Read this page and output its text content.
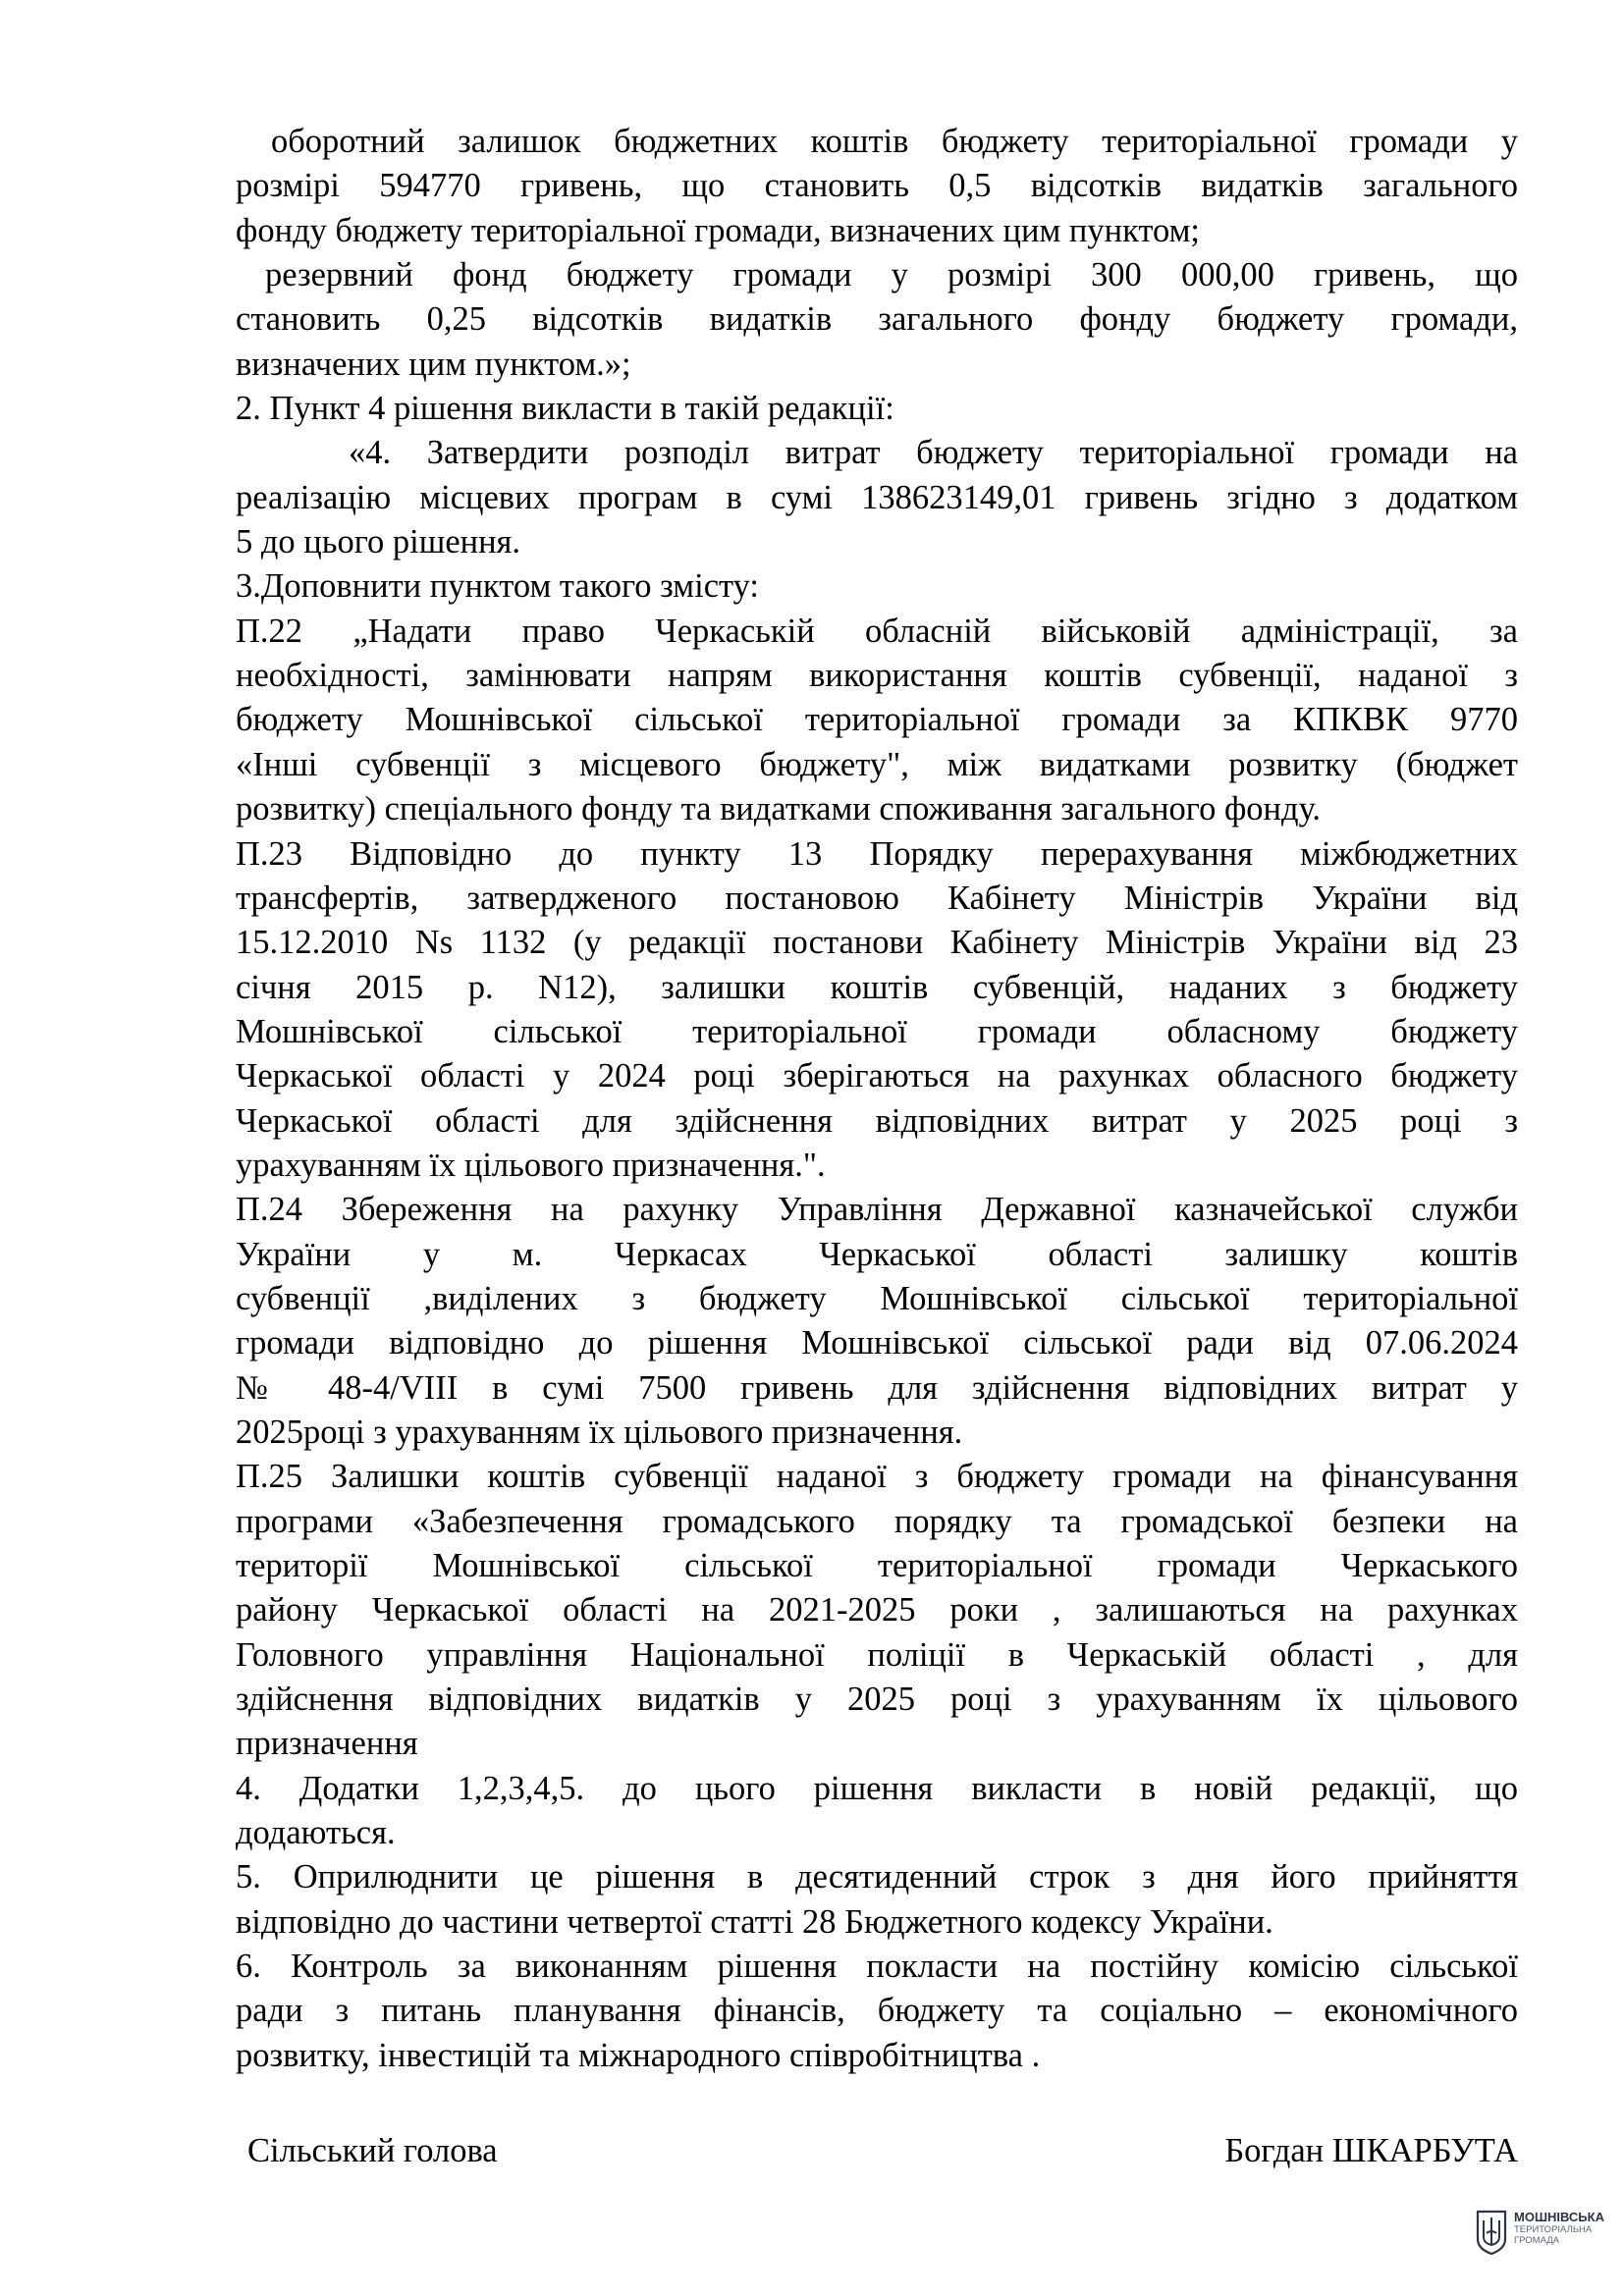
оборотний залишок бюджетних коштів бюджету територіальної громади у
розмірі 594770 гривень, що становить 0,5 відсотків видатків загального
фонду бюджету територіальної громади, визначених цим пунктом;
резервний фонд бюджету громади у розмірі 300 000,00 гривень, що
становить 0,25 відсотків видатків загального фонду бюджету громади,
визначених цим пунктом.»;
2. Пункт 4 рішення викласти в такій редакції:
«4. Затвердити розподіл витрат бюджету територіальної громади на
реалізацію місцевих програм в сумі 138623149,01 гривень згідно з додатком
5 до цього рішення.
3.Доповнити пунктом такого змісту:
П.22 „Надати право Черкаській обласній військовій адміністрації, за
необхідності, замінювати напрям використання коштів субвенції, наданої з
бюджету Мошнівської сільської територіальної громади за КПКВК 9770
«Інші субвенції з місцевого бюджету", між видатками розвитку (бюджет
розвитку) спеціального фонду та видатками споживання загального фонду.
П.23 Відповідно до пункту 13 Порядку перерахування міжбюджетних
трансфертів, затвердженого постановою Кабінету Міністрів України від
15.12.2010 Ns 1132 (у редакції постанови Кабінету Міністрів України від 23
січня 2015 р. N12), залишки коштів субвенцій, наданих з бюджету
Мошнівської сільської територіальної громади обласному бюджету
Черкаської області у 2024 році зберігаються на рахунках обласного бюджету
Черкаської області для здійснення відповідних витрат у 2025 році з
урахуванням їх цільового призначення.".
П.24 Збереження на рахунку Управління Державної казначейської служби
України у м. Черкасах Черкаської області залишку коштів
субвенції ,виділених з бюджету Мошнівської сільської територіальної
громади відповідно до рішення Мошнівської сільської ради від 07.06.2024
№ 48-4/VIII в сумі 7500 гривень для здійснення відповідних витрат у
2025році з урахуванням їх цільового призначення.
П.25 Залишки коштів субвенції наданої з бюджету громади на фінансування
програми «Забезпечення громадського порядку та громадської безпеки на
території Мошнівської сільської територіальної громади Черкаського
району Черкаської області на 2021-2025 роки , залишаються на рахунках
Головного управління Національної поліції в Черкаській області , для
здійснення відповідних видатків у 2025 році з урахуванням їх цільового
призначення
4. Додатки 1,2,3,4,5. до цього рішення викласти в новій редакції, що
додаються.
5. Оприлюднити це рішення в десятиденний строк з дня його прийняття
відповідно до частини четвертої статті 28 Бюджетного кодексу України.
6. Контроль за виконанням рішення покласти на постійну комісію сільської
ради з питань планування фінансів, бюджету та соціально – економічного
розвитку, інвестицій та міжнародного співробітництва .
Сільський голова	Богдан ШКАРБУТА
МОШНІВСЬКА
ТЕРИТОРІАЛЬНА
ГРОМАДА
